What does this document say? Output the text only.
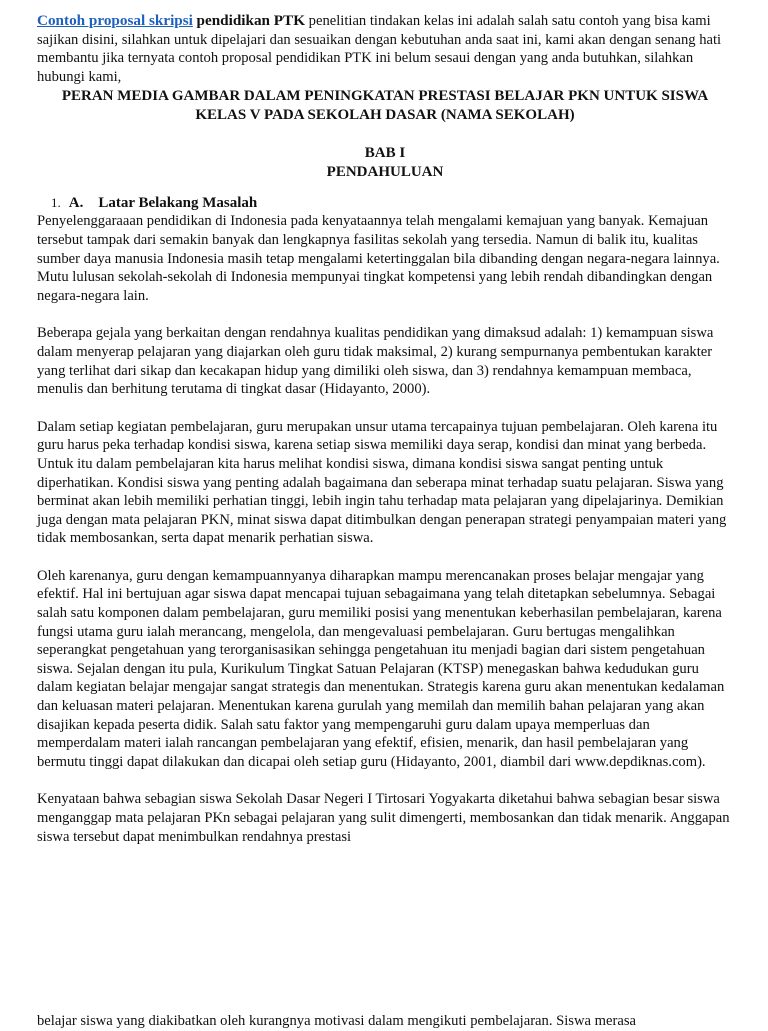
Contoh proposal skripsi pendidikan PTK penelitian tindakan kelas ini adalah salah satu contoh yang bisa kami sajikan disini, silahkan untuk dipelajari dan sesuaikan dengan kebutuhan anda saat ini, kami akan dengan senang hati membantu jika ternyata contoh proposal pendidikan PTK ini belum sesaui dengan yang anda butuhkan, silahkan hubungi kami,

PERAN MEDIA GAMBAR DALAM PENINGKATAN PRESTASI BELAJAR PKN UNTUK SISWA KELAS V PADA SEKOLAH DASAR (NAMA SEKOLAH)

BAB I
PENDAHULUAN

1. A.    Latar Belakang Masalah

Penyelenggaraaan pendidikan di Indonesia pada kenyataannya telah mengalami kemajuan yang banyak. Kemajuan tersebut tampak dari semakin banyak dan lengkapnya fasilitas sekolah yang tersedia. Namun di balik itu, kualitas sumber daya manusia Indonesia masih tetap mengalami ketertinggalan bila dibanding dengan negara-negara lainnya. Mutu lulusan sekolah-sekolah di Indonesia mempunyai tingkat kompetensi yang lebih rendah dibandingkan dengan negara-negara lain.

Beberapa gejala yang berkaitan dengan rendahnya kualitas pendidikan yang dimaksud adalah: 1) kemampuan siswa dalam menyerap pelajaran yang diajarkan oleh guru tidak maksimal, 2) kurang sempurnanya pembentukan karakter yang terlihat dari sikap dan kecakapan hidup yang dimiliki oleh siswa, dan 3) rendahnya kemampuan membaca, menulis dan berhitung terutama di tingkat dasar (Hidayanto, 2000).

Dalam setiap kegiatan pembelajaran, guru merupakan unsur utama tercapainya tujuan pembelajaran. Oleh karena itu guru harus peka terhadap kondisi siswa, karena setiap siswa memiliki daya serap, kondisi dan minat yang berbeda. Untuk itu dalam pembelajaran kita harus melihat kondisi siswa, dimana kondisi siswa sangat penting untuk diperhatikan. Kondisi siswa yang penting adalah bagaimana dan seberapa minat terhadap suatu pelajaran. Siswa yang berminat akan lebih memiliki perhatian tinggi, lebih ingin tahu terhadap mata pelajaran yang dipelajarinya. Demikian juga dengan mata pelajaran PKN, minat siswa dapat ditimbulkan dengan penerapan strategi penyampaian materi yang tidak membosankan, serta dapat menarik perhatian siswa.

Oleh karenanya, guru dengan kemampuannyanya diharapkan mampu merencanakan proses belajar mengajar yang efektif. Hal ini bertujuan agar siswa dapat mencapai tujuan sebagaimana yang telah ditetapkan sebelumnya. Sebagai salah satu komponen dalam pembelajaran, guru memiliki posisi yang menentukan keberhasilan pembelajaran, karena fungsi utama guru ialah merancang, mengelola, dan mengevaluasi pembelajaran. Guru bertugas mengalihkan seperangkat pengetahuan yang terorganisasikan sehingga pengetahuan itu menjadi bagian dari sistem pengetahuan siswa. Sejalan dengan itu pula, Kurikulum Tingkat Satuan Pelajaran (KTSP) menegaskan bahwa kedudukan guru dalam kegiatan belajar mengajar sangat strategis dan menentukan. Strategis karena guru akan menentukan kedalaman dan keluasan materi pelajaran. Menentukan karena gurulah yang memilah dan memilih bahan pelajaran yang akan disajikan kepada peserta didik. Salah satu faktor yang mempengaruhi guru dalam upaya memperluas dan memperdalam materi ialah rancangan pembelajaran yang efektif, efisien, menarik, dan hasil pembelajaran yang bermutu tinggi dapat dilakukan dan dicapai oleh setiap guru (Hidayanto, 2001, diambil dari www.depdiknas.com).

Kenyataan bahwa sebagian siswa Sekolah Dasar Negeri I Tirtosari Yogyakarta diketahui bahwa sebagian besar siswa menganggap mata pelajaran PKn sebagai pelajaran yang sulit dimengerti, membosankan dan tidak menarik. Anggapan siswa tersebut dapat menimbulkan rendahnya prestasi

belajar siswa yang diakibatkan oleh kurangnya motivasi dalam mengikuti pembelajaran. Siswa merasa
